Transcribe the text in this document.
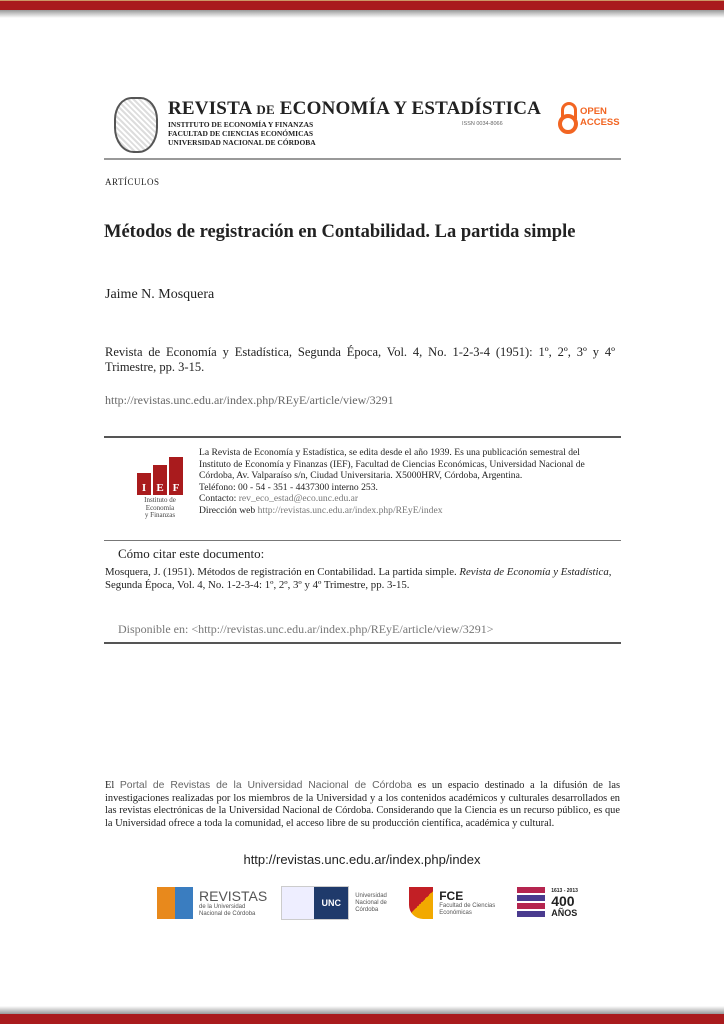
REVISTA DE ECONOMÍA Y ESTADÍSTICA
INSTITUTO DE ECONOMÍA Y FINANZAS
FACULTAD DE CIENCIAS ECONÓMICAS
UNIVERSIDAD NACIONAL DE CÓRDOBA
ISSN 0034-8066
OPEN
ACCESS
ARTÍCULOS
Métodos de registración en Contabilidad. La partida simple
Jaime N. Mosquera
Revista de Economía y Estadística, Segunda Época, Vol. 4, No. 1-2-3-4 (1951): 1º, 2º, 3º y 4º Trimestre, pp. 3-15.
http://revistas.unc.edu.ar/index.php/REyE/article/view/3291
I E F
Instituto de
Economía
y Finanzas
La Revista de Economía y Estadística, se edita desde el año 1939. Es una publicación semestral del Instituto de Economía y Finanzas (IEF), Facultad de Ciencias Económicas, Universidad Nacional de Córdoba, Av. Valparaíso s/n, Ciudad Universitaria. X5000HRV, Córdoba, Argentina.
Teléfono: 00 - 54 - 351 - 4437300 interno 253.
Contacto: rev_eco_estad@eco.unc.edu.ar
Dirección web http://revistas.unc.edu.ar/index.php/REyE/index
Cómo citar este documento:
Mosquera, J. (1951). Métodos de registración en Contabilidad. La partida simple. Revista de Economía y Estadística, Segunda Época, Vol. 4, No. 1-2-3-4: 1º, 2º, 3º y 4º Trimestre, pp. 3-15.
Disponible en: <http://revistas.unc.edu.ar/index.php/REyE/article/view/3291>
El Portal de Revistas de la Universidad Nacional de Córdoba es un espacio destinado a la difusión de las investigaciones realizadas por los miembros de la Universidad y a los contenidos académicos y culturales desarrollados en las revistas electrónicas de la Universidad Nacional de Córdoba. Considerando que la Ciencia es un recurso público, es que la Universidad ofrece a toda la comunidad, el acceso libre de su producción científica, académica y cultural.
http://revistas.unc.edu.ar/index.php/index
REVISTAS
de la Universidad Nacional de Córdoba
UNC
Universidad Nacional de Córdoba
FCE
Facultad de Ciencias Económicas
1613 - 2013
400
AÑOS
